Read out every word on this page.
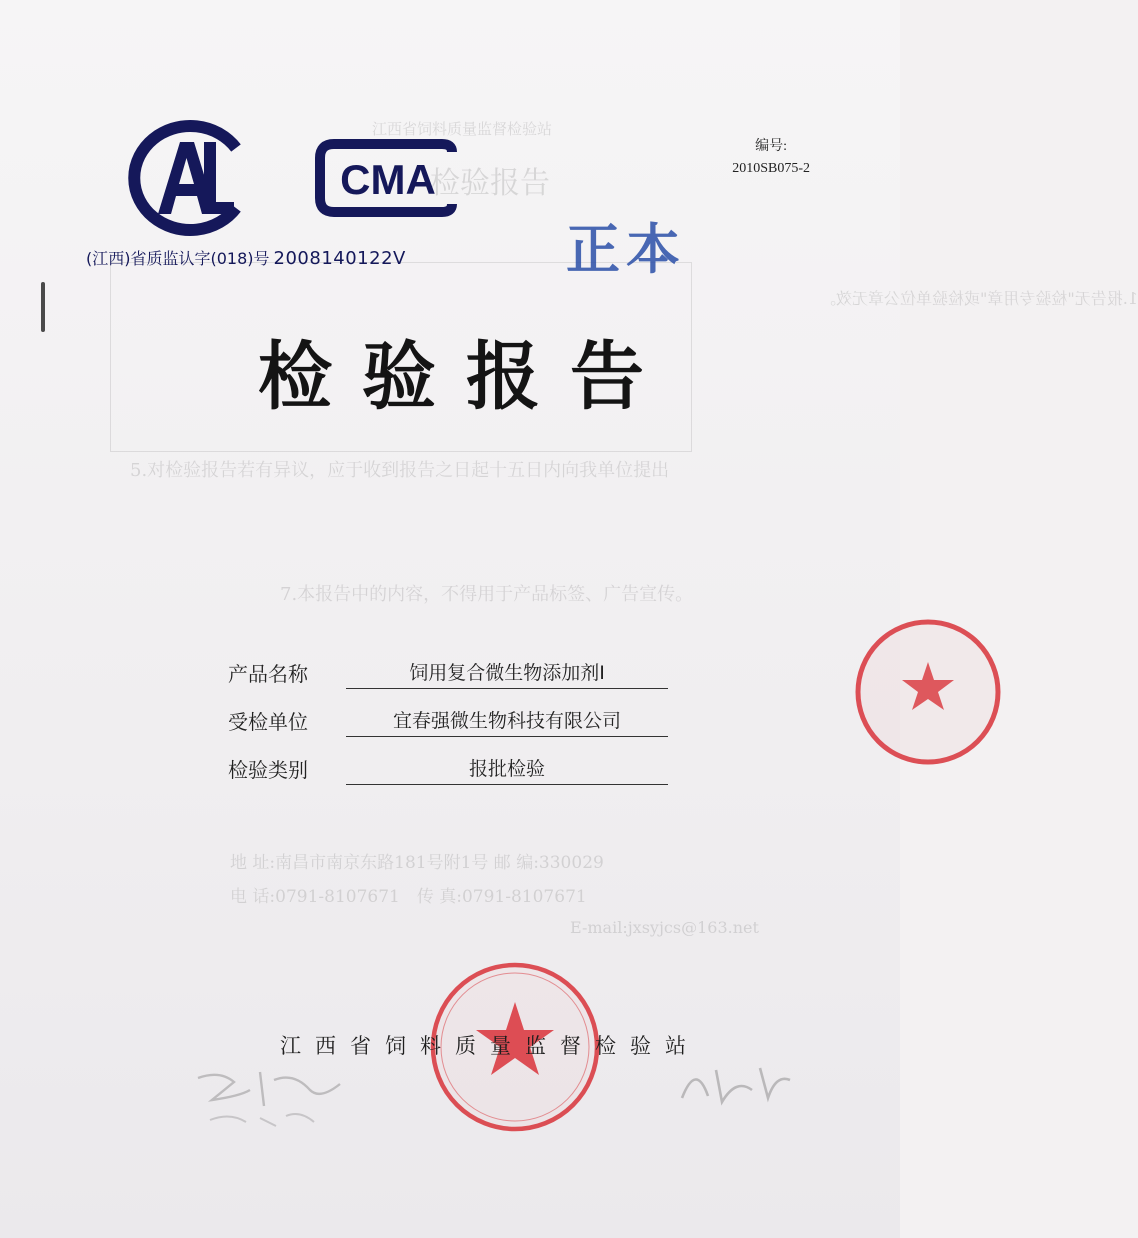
江西省饲料质量监督检验站
检验报告
1.报告无"检验专用章"或检验单位公章无效。
5.对检验报告若有异议，应于收到报告之日起十五日内向我单位提出
7.本报告中的内容，不得用于产品标签、广告宣传。
地 址:南昌市南京东路181号附1号 邮 编:330029
电 话:0791-8107671　传 真:0791-8107671
E-mail:jxsyjcs@163.net
CMA
(江西)省质监认字(018)号 2008140122V
编号:
2010SB075-2
正本
检验报告
产品名称	饲用复合微生物添加剂Ⅰ
受检单位	宜春强微生物科技有限公司
检验类别	报批检验
江西省饲料质量监督检验站
